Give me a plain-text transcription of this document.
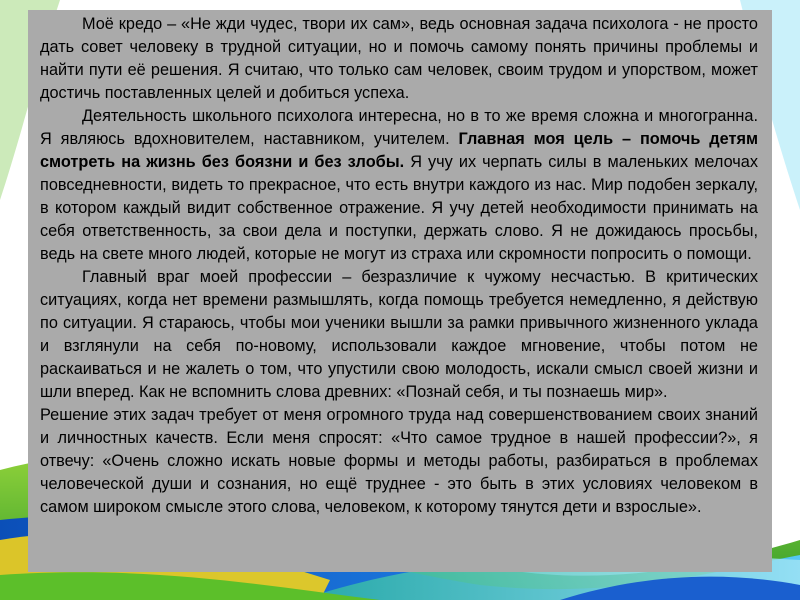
Моё кредо – «Не жди чудес, твори их сам», ведь основная задача психолога - не просто дать совет человеку в трудной ситуации, но и помочь самому понять причины проблемы и найти пути её решения. Я считаю, что только сам человек, своим трудом и упорством, может достичь поставленных целей и добиться успеха.

Деятельность школьного психолога интересна, но в то же время сложна и многогранна. Я являюсь вдохновителем, наставником, учителем. Главная моя цель – помочь детям смотреть на жизнь без боязни и без злобы. Я учу их черпать силы в маленьких мелочах повседневности, видеть то прекрасное, что есть внутри каждого из нас. Мир подобен зеркалу, в котором каждый видит собственное отражение. Я учу детей необходимости принимать на себя ответственность, за свои дела и поступки, держать слово. Я не дожидаюсь просьбы, ведь на свете много людей, которые не могут из страха или скромности попросить о помощи.

Главный враг моей профессии – безразличие к чужому несчастью. В критических ситуациях, когда нет времени размышлять, когда помощь требуется немедленно, я действую по ситуации. Я стараюсь, чтобы мои ученики вышли за рамки привычного жизненного уклада и взглянули на себя по-новому, использовали каждое мгновение, чтобы потом не раскаиваться и не жалеть о том, что упустили свою молодость, искали смысл своей жизни и шли вперед. Как не вспомнить слова древних: «Познай себя, и ты познаешь мир».

Решение этих задач требует от меня огромного труда над совершенствованием своих знаний и личностных качеств. Если меня спросят: «Что самое трудное в нашей профессии?», я отвечу: «Очень сложно искать новые формы и методы работы, разбираться в проблемах человеческой души и сознания, но ещё труднее - это быть в этих условиях человеком в самом широком смысле этого слова, человеком, к которому тянутся дети и взрослые».
